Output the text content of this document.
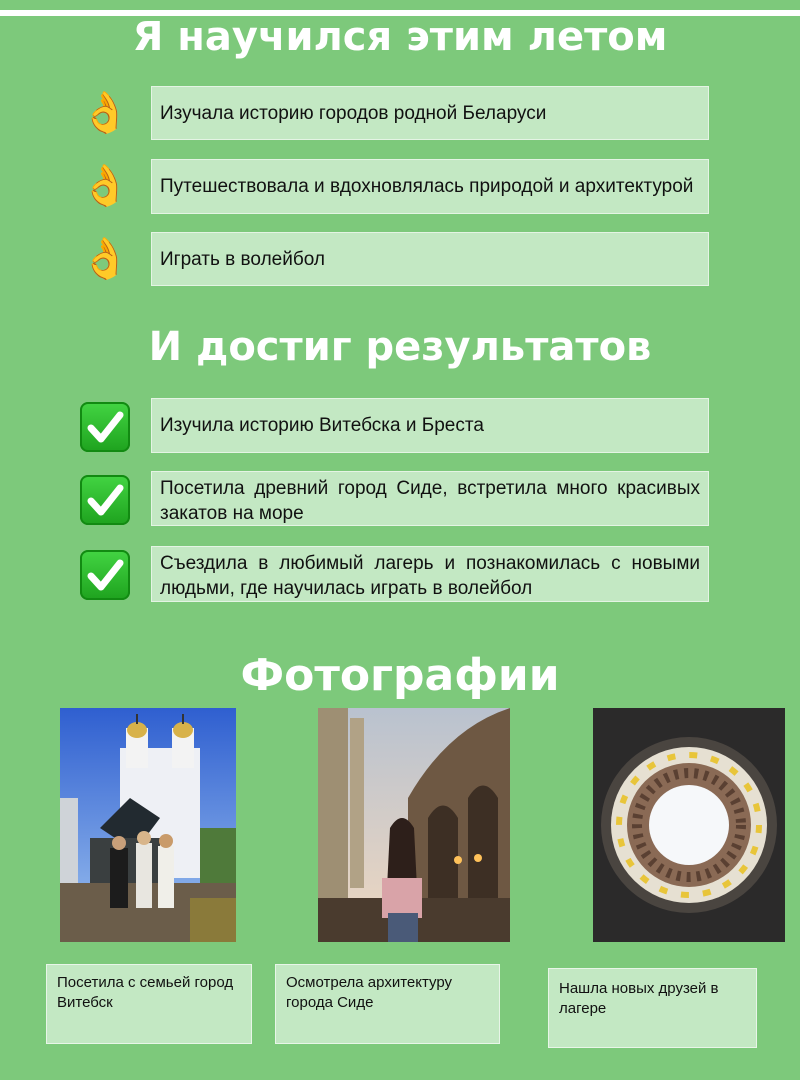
Я научился этим летом
👌	Изучала историю городов родной Беларуси
👌	Путешествовала и вдохновлялась природой и архитектурой
👌	Играть в волейбол
И достиг результатов
Изучила историю Витебска и Бреста
Посетила древний город Сиде, встретила много красивых закатов на море
Съездила в любимый лагерь и познакомилась с новыми людьми, где научилась играть в волейбол
Фотографии
Посетила с семьей город Витебск
Осмотрела архитектуру города Сиде
Нашла новых друзей в лагере
